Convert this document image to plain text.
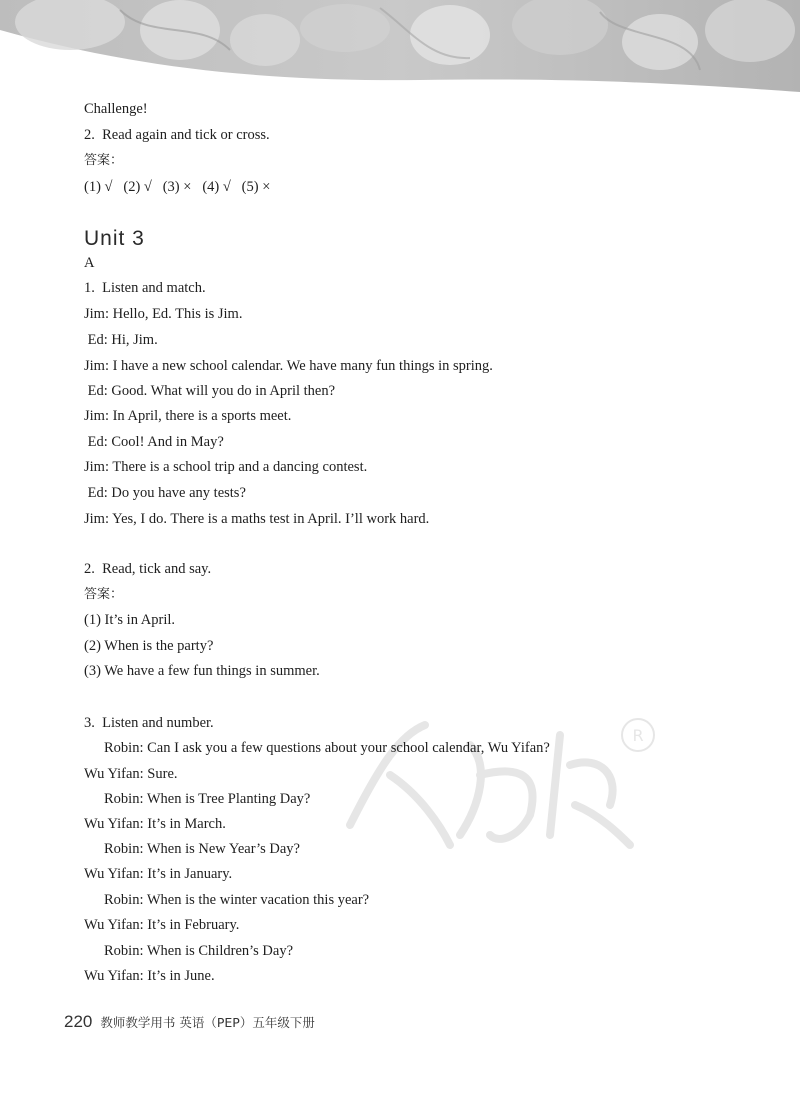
R
Challenge!
2.  Read again and tick or cross.
答案：
(1) √   (2) √   (3) ×   (4) √   (5) ×
Unit 3
A
1.  Listen and match.
Jim: Hello, Ed. This is Jim.
Ed: Hi, Jim.
Jim: I have a new school calendar. We have many fun things in spring.
Ed: Good. What will you do in April then?
Jim: In April, there is a sports meet.
Ed: Cool! And in May?
Jim: There is a school trip and a dancing contest.
Ed: Do you have any tests?
Jim: Yes, I do. There is a maths test in April. I’ll work hard.
2.  Read, tick and say.
答案：
(1) It’s in April.
(2) When is the party?
(3) We have a few fun things in summer.
3.  Listen and number.
Robin: Can I ask you a few questions about your school calendar, Wu Yifan?
Wu Yifan: Sure.
Robin: When is Tree Planting Day?
Wu Yifan: It’s in March.
Robin: When is New Year’s Day?
Wu Yifan: It’s in January.
Robin: When is the winter vacation this year?
Wu Yifan: It’s in February.
Robin: When is Children’s Day?
Wu Yifan: It’s in June.
220 教师教学用书 英语（PEP）五年级下册
